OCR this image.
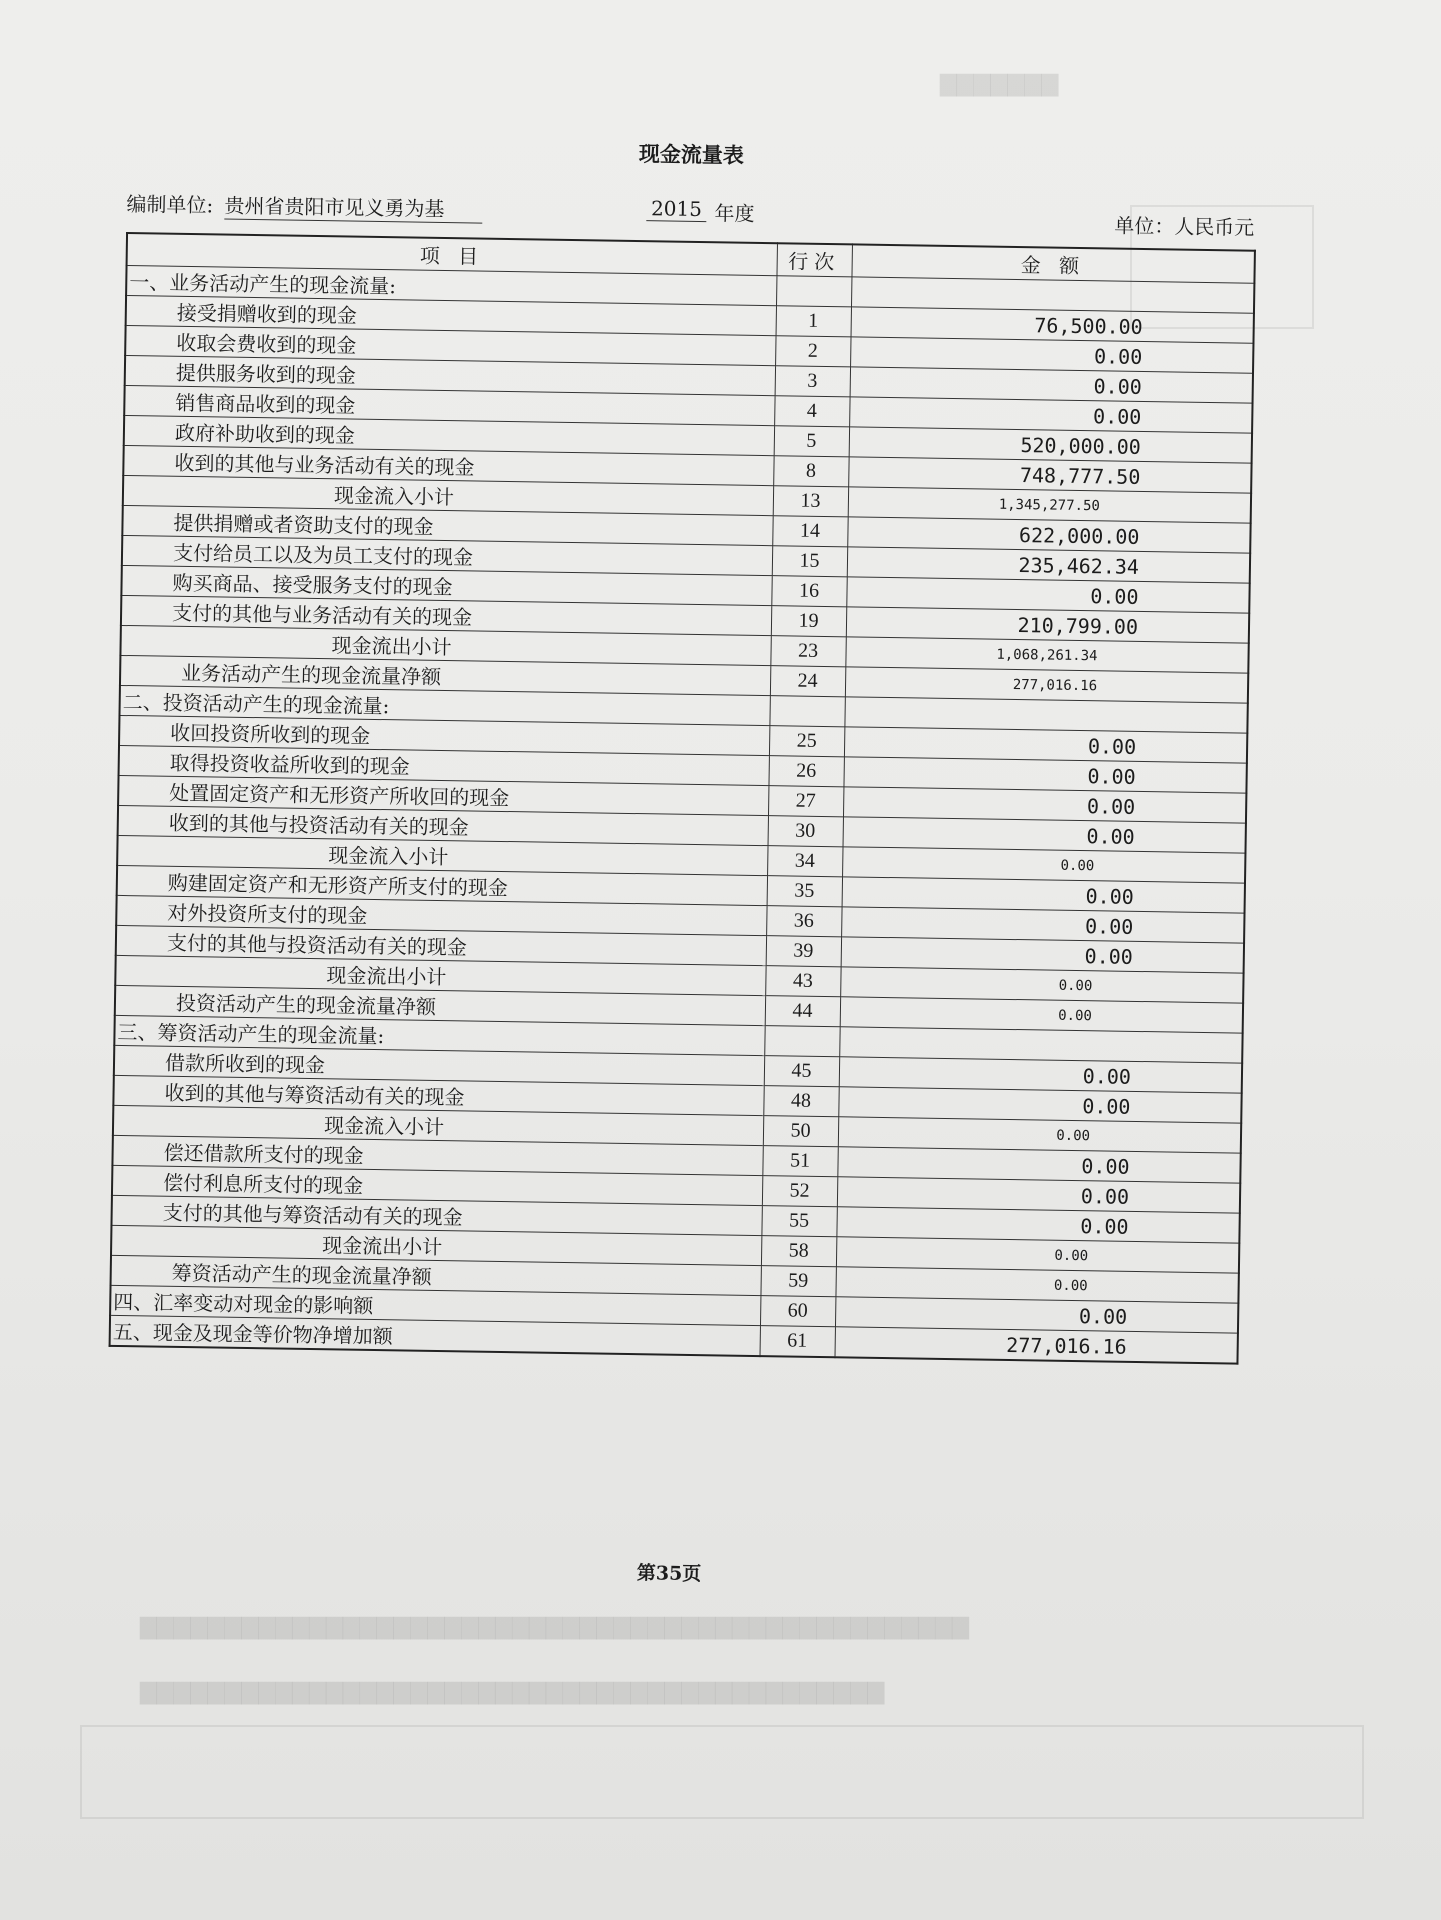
▇▇▇▇▇▇▇
▇▇▇▇▇▇▇▇▇▇▇▇▇▇▇▇▇▇▇▇▇▇▇▇▇▇▇▇▇▇▇▇▇▇▇▇▇▇▇▇▇▇▇▇▇▇▇▇▇
▇▇▇▇▇▇▇▇▇▇▇▇▇▇▇▇▇▇▇▇▇▇▇▇▇▇▇▇▇▇▇▇▇▇▇▇▇▇▇▇▇▇▇▇
现金流量表
编制单位: 贵州省贵阳市见义勇为基	2015 年度	单位：人民币元
项 目	行次	金 额
一、业务活动产生的现金流量:		
接受捐赠收到的现金	1	76,500.00
收取会费收到的现金	2	0.00
提供服务收到的现金	3	0.00
销售商品收到的现金	4	0.00
政府补助收到的现金	5	520,000.00
收到的其他与业务活动有关的现金	8	748,777.50
现金流入小计	13	1,345,277.50
提供捐赠或者资助支付的现金	14	622,000.00
支付给员工以及为员工支付的现金	15	235,462.34
购买商品、接受服务支付的现金	16	0.00
支付的其他与业务活动有关的现金	19	210,799.00
现金流出小计	23	1,068,261.34
业务活动产生的现金流量净额	24	277,016.16
二、投资活动产生的现金流量:		
收回投资所收到的现金	25	0.00
取得投资收益所收到的现金	26	0.00
处置固定资产和无形资产所收回的现金	27	0.00
收到的其他与投资活动有关的现金	30	0.00
现金流入小计	34	0.00
购建固定资产和无形资产所支付的现金	35	0.00
对外投资所支付的现金	36	0.00
支付的其他与投资活动有关的现金	39	0.00
现金流出小计	43	0.00
投资活动产生的现金流量净额	44	0.00
三、筹资活动产生的现金流量:		
借款所收到的现金	45	0.00
收到的其他与筹资活动有关的现金	48	0.00
现金流入小计	50	0.00
偿还借款所支付的现金	51	0.00
偿付利息所支付的现金	52	0.00
支付的其他与筹资活动有关的现金	55	0.00
现金流出小计	58	0.00
筹资活动产生的现金流量净额	59	0.00
四、汇率变动对现金的影响额	60	0.00
五、现金及现金等价物净增加额	61	277,016.16
第35页
